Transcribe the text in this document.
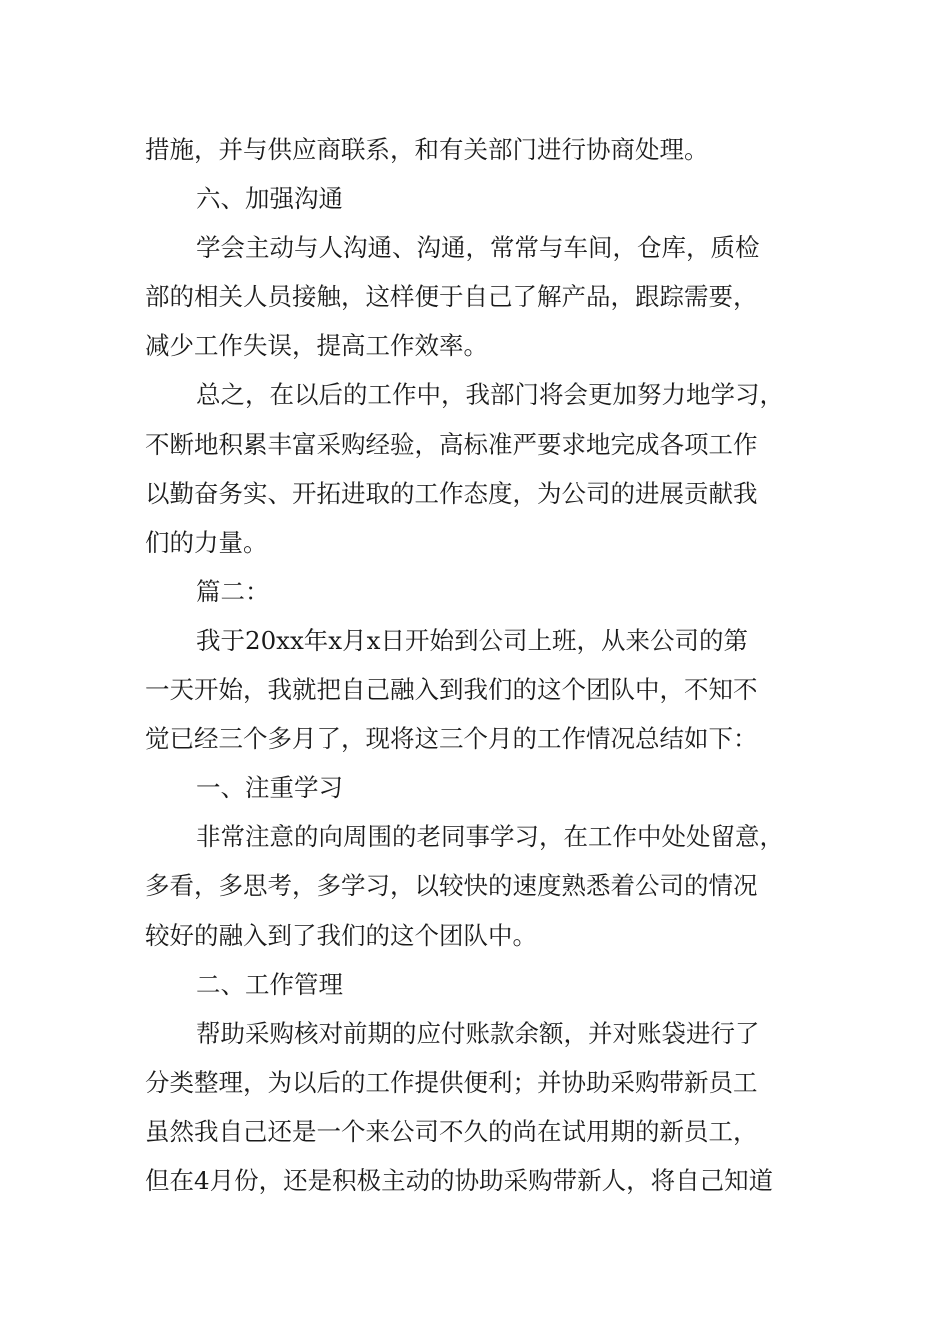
措施，并与供应商联系，和有关部门进行协商处理。
六、加强沟通
学会主动与人沟通、沟通，常常与车间，仓库，质检
部的相关人员接触，这样便于自己了解产品，跟踪需要，
减少工作失误，提高工作效率。
总之，在以后的工作中，我部门将会更加努力地学习，
不断地积累丰富采购经验，高标准严要求地完成各项工作
以勤奋务实、开拓进取的工作态度，为公司的进展贡献我
们的力量。
篇二：
我于20xx年x月x日开始到公司上班，从来公司的第
一天开始，我就把自己融入到我们的这个团队中，不知不
觉已经三个多月了，现将这三个月的工作情况总结如下：
一、注重学习
非常注意的向周围的老同事学习，在工作中处处留意，
多看，多思考，多学习，以较快的速度熟悉着公司的情况
较好的融入到了我们的这个团队中。
二、工作管理
帮助采购核对前期的应付账款余额，并对账袋进行了
分类整理，为以后的工作提供便利；并协助采购带新员工
虽然我自己还是一个来公司不久的尚在试用期的新员工，
但在4月份，还是积极主动的协助采购带新人，将自己知道
